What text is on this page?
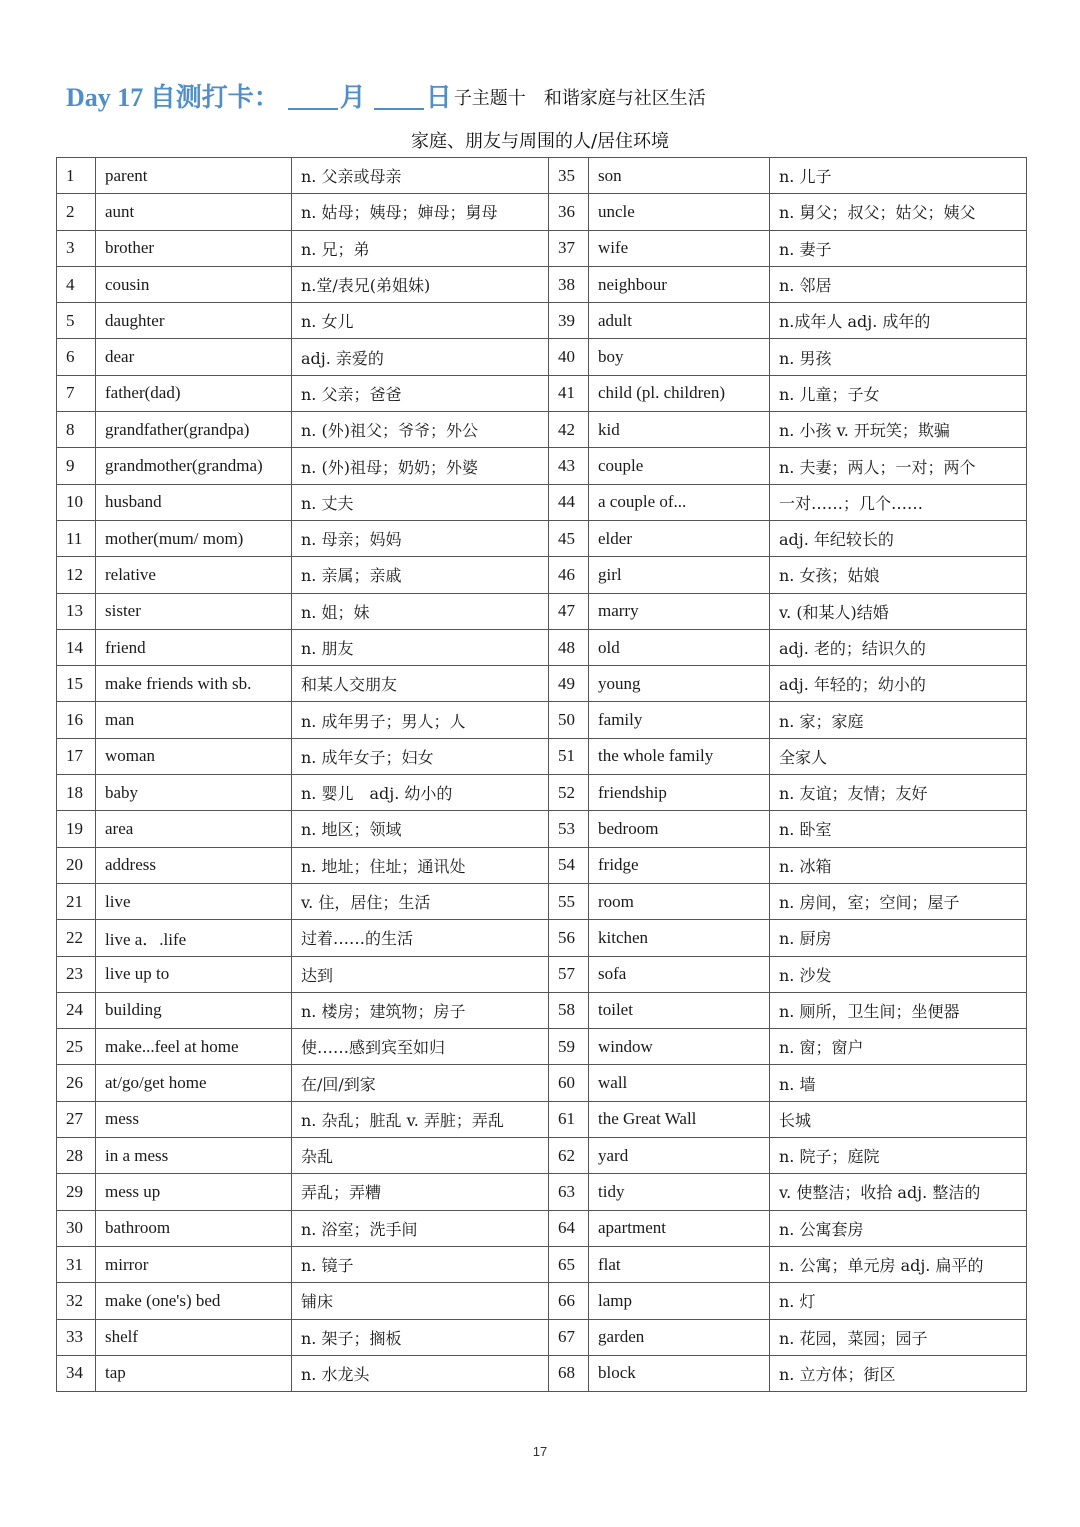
Day 17 自测打卡： 月 日 子主题十 和谐家庭与社区生活
家庭、朋友与周围的人/居住环境
1	parent	n. 父亲或母亲	35	son	n. 儿子
2	aunt	n. 姑母；姨母；婶母；舅母	36	uncle	n. 舅父；叔父；姑父；姨父
3	brother	n. 兄；弟	37	wife	n. 妻子
4	cousin	n.堂/表兄(弟姐妹)	38	neighbour	n. 邻居
5	daughter	n. 女儿	39	adult	n.成年人 adj. 成年的
6	dear	adj. 亲爱的	40	boy	n. 男孩
7	father(dad)	n. 父亲；爸爸	41	child (pl. children)	n. 儿童；子女
8	grandfather(grandpa)	n. (外)祖父；爷爷；外公	42	kid	n. 小孩 v. 开玩笑；欺骗
9	grandmother(grandma)	n. (外)祖母；奶奶；外婆	43	couple	n. 夫妻；两人；一对；两个
10	husband	n. 丈夫	44	a couple of...	一对……；几个……
11	mother(mum/ mom)	n. 母亲；妈妈	45	elder	adj. 年纪较长的
12	relative	n. 亲属；亲戚	46	girl	n. 女孩；姑娘
13	sister	n. 姐；妹	47	marry	v. (和某人)结婚
14	friend	n. 朋友	48	old	adj. 老的；结识久的
15	make friends with sb.	和某人交朋友	49	young	adj. 年轻的；幼小的
16	man	n. 成年男子；男人；人	50	family	n. 家；家庭
17	woman	n. 成年女子；妇女	51	the whole family	全家人
18	baby	n. 婴儿　adj. 幼小的	52	friendship	n. 友谊；友情；友好
19	area	n. 地区；领域	53	bedroom	n. 卧室
20	address	n. 地址；住址；通讯处	54	fridge	n. 冰箱
21	live	v. 住，居住；生活	55	room	n. 房间，室；空间；屋子
22	live a．.life	过着……的生活	56	kitchen	n. 厨房
23	live up to	达到	57	sofa	n. 沙发
24	building	n. 楼房；建筑物；房子	58	toilet	n. 厕所，卫生间；坐便器
25	make...feel at home	使……感到宾至如归	59	window	n. 窗；窗户
26	at/go/get home	在/回/到家	60	wall	n. 墙
27	mess	n. 杂乱；脏乱 v. 弄脏；弄乱	61	the Great Wall	长城
28	in a mess	杂乱	62	yard	n. 院子；庭院
29	mess up	弄乱；弄糟	63	tidy	v. 使整洁；收拾 adj. 整洁的
30	bathroom	n. 浴室；洗手间	64	apartment	n. 公寓套房
31	mirror	n. 镜子	65	flat	n. 公寓；单元房 adj. 扁平的
32	make (one's) bed	铺床	66	lamp	n. 灯
33	shelf	n. 架子；搁板	67	garden	n. 花园，菜园；园子
34	tap	n. 水龙头	68	block	n. 立方体；街区
17
